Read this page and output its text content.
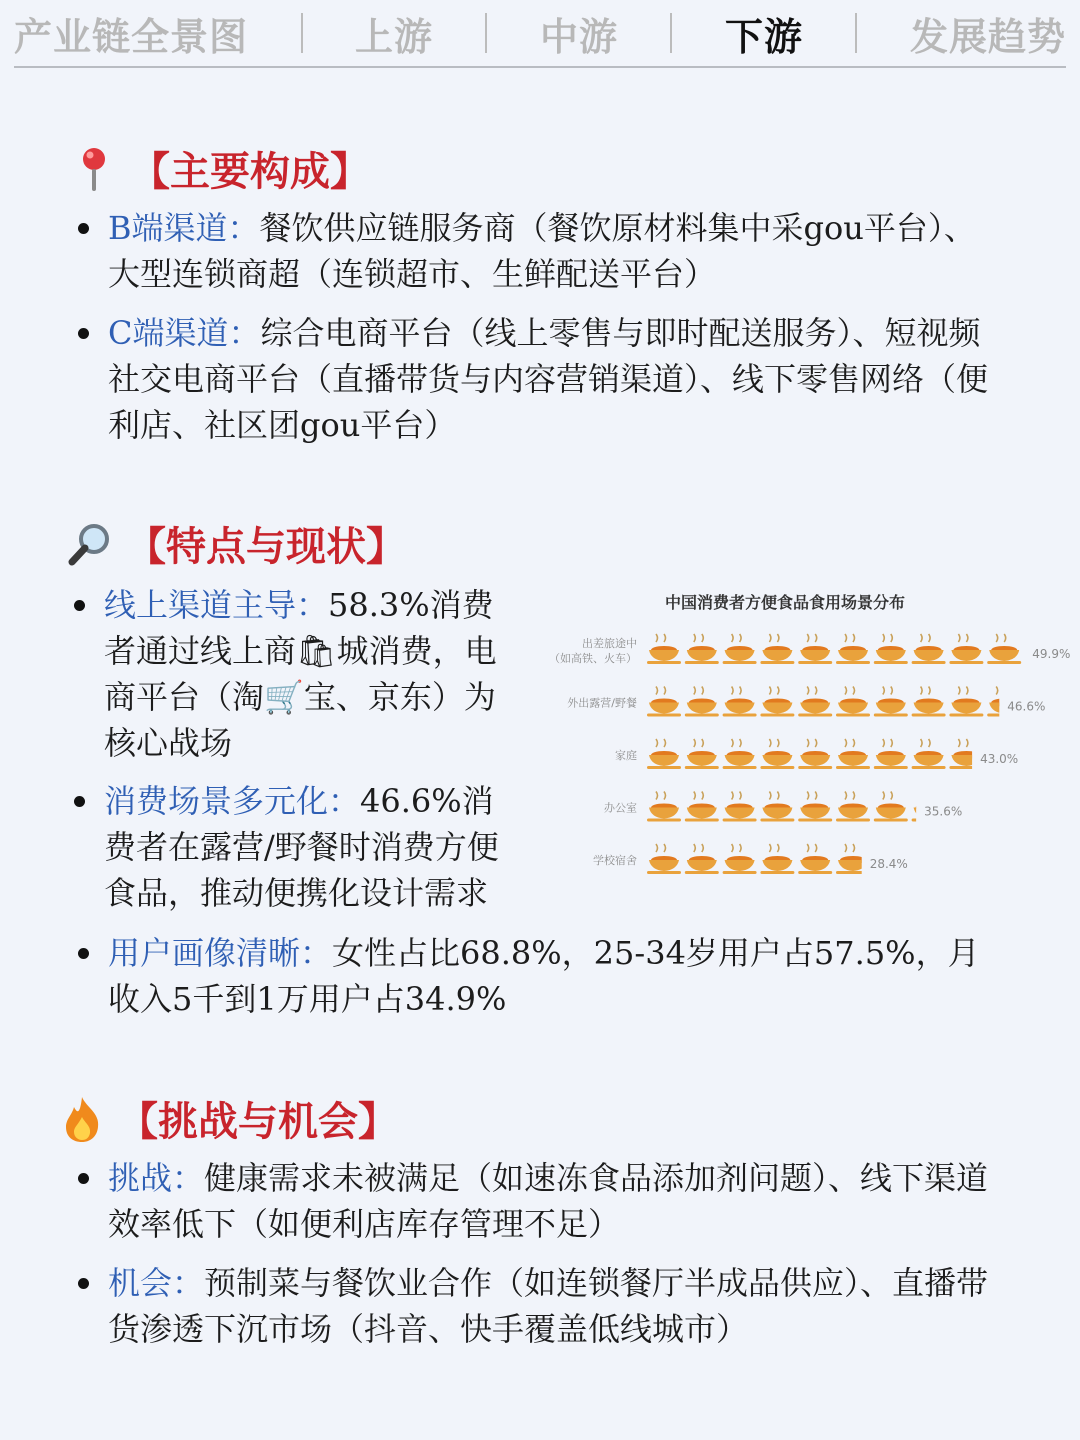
产业链全景图	上游	中游	下游	发展趋势
【主要构成】
B端渠道：餐饮供应链服务商（餐饮原材料集中采gou平台）、大型连锁商超（连锁超市、生鲜配送平台）
C端渠道：综合电商平台（线上零售与即时配送服务）、短视频社交电商平台（直播带货与内容营销渠道）、线下零售网络（便利店、社区团gou平台）
【特点与现状】
线上渠道主导：58.3%消费者通过线上商🛍城消费，电商平台（淘🛒宝、京东）为核心战场
消费场景多元化：46.6%消费者在露营/野餐时消费方便食品，推动便携化设计需求
用户画像清晰：女性占比68.8%，25-34岁用户占57.5%，月收入5千到1万用户占34.9%
中国消费者方便食品食用场景分布
49.9%
出差旅途中
（如高铁、火车）
46.6%
外出露营/野餐
43.0%
家庭
35.6%
办公室
28.4%
学校宿舍
【挑战与机会】
挑战：健康需求未被满足（如速冻食品添加剂问题）、线下渠道效率低下（如便利店库存管理不足）
机会：预制菜与餐饮业合作（如连锁餐厅半成品供应）、直播带货渗透下沉市场（抖音、快手覆盖低线城市）
